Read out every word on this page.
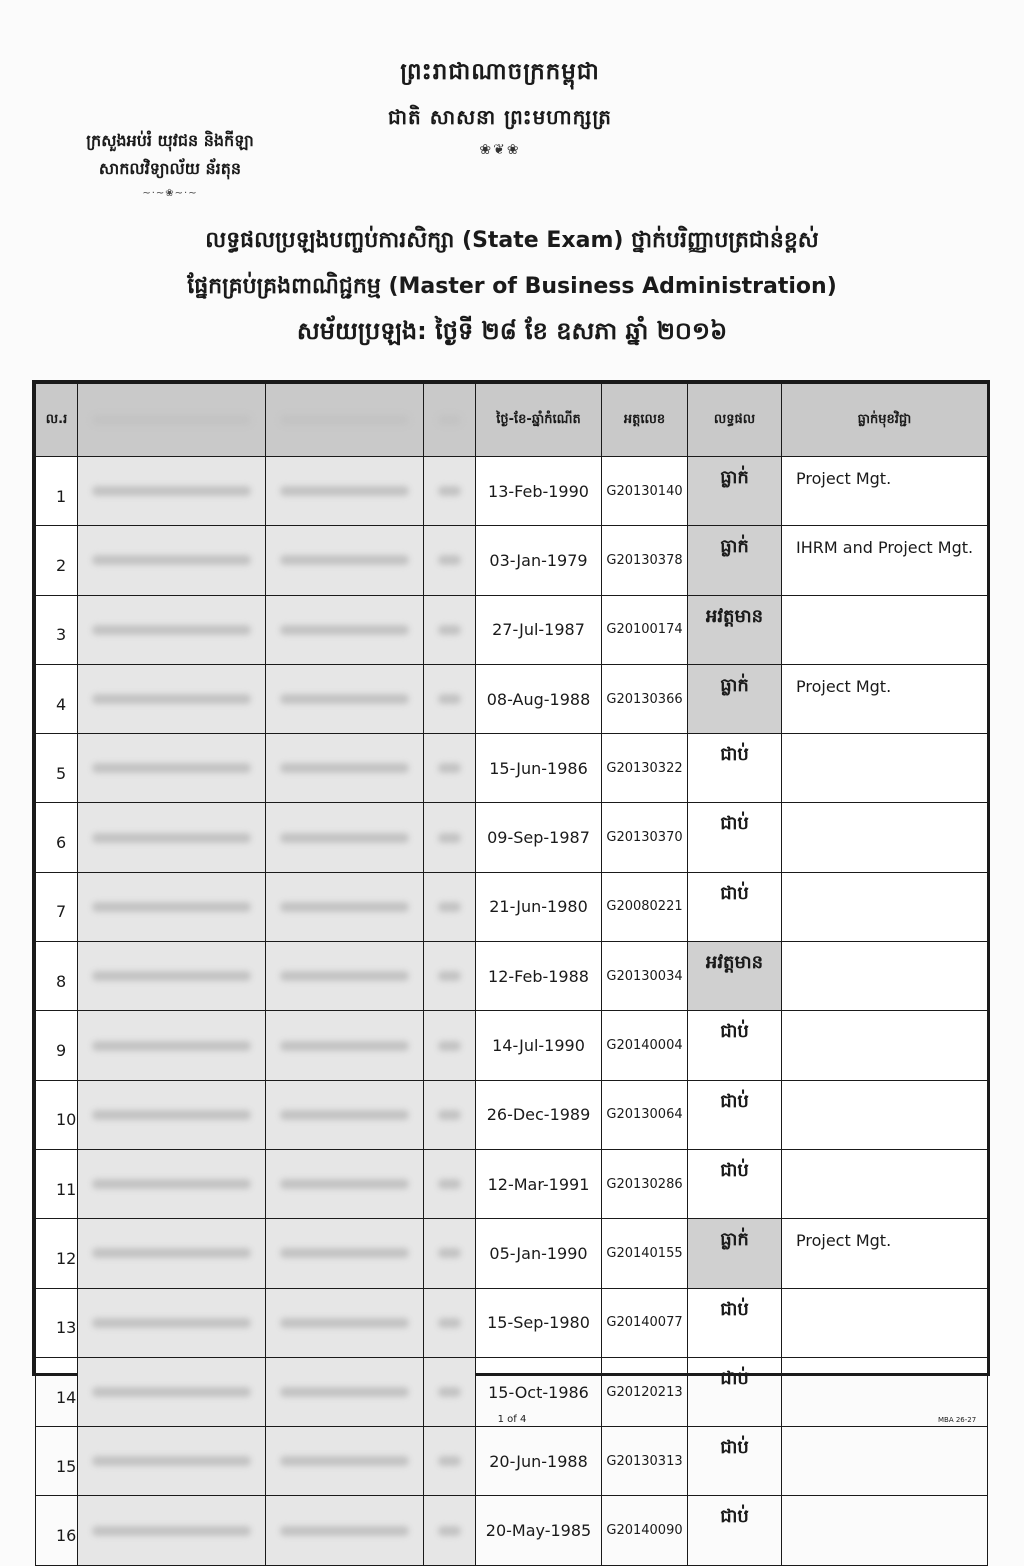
ព្រះរាជាណាចក្រកម្ពុជា
ជាតិ សាសនា ព្រះមហាក្សត្រ
❀❦❀
ក្រសួងអប់រំ យុវជន និងកីឡា
សាកលវិទ្យាល័យ ន័រតុន
~·~❀~·~
លទ្ធផលប្រឡងបញ្ចប់ការសិក្សា (State Exam) ថ្នាក់បរិញ្ញាបត្រជាន់ខ្ពស់
ផ្នែកគ្រប់គ្រងពាណិជ្ជកម្ម (Master of Business Administration)
សម័យប្រឡង: ថ្ងៃទី ២៨ ខែ ឧសភា ឆ្នាំ ២០១៦
ល.រ				ថ្ងៃ-ខែ-ឆ្នាំកំណើត	អត្តលេខ	លទ្ធផល	ធ្លាក់មុខវិជ្ជា
1				13-Feb-1990	G20130140	ធ្លាក់	Project Mgt.
2				03-Jan-1979	G20130378	ធ្លាក់	IHRM and Project Mgt.
3				27-Jul-1987	G20100174	អវត្តមាន	
4				08-Aug-1988	G20130366	ធ្លាក់	Project Mgt.
5				15-Jun-1986	G20130322	ជាប់	
6				09-Sep-1987	G20130370	ជាប់	
7				21-Jun-1980	G20080221	ជាប់	
8				12-Feb-1988	G20130034	អវត្តមាន	
9				14-Jul-1990	G20140004	ជាប់	
10				26-Dec-1989	G20130064	ជាប់	
11				12-Mar-1991	G20130286	ជាប់	
12				05-Jan-1990	G20140155	ធ្លាក់	Project Mgt.
13				15-Sep-1980	G20140077	ជាប់	
14				15-Oct-1986	G20120213	ជាប់	
15				20-Jun-1988	G20130313	ជាប់	
16				20-May-1985	G20140090	ជាប់	
1 of 4	MBA 26-27
